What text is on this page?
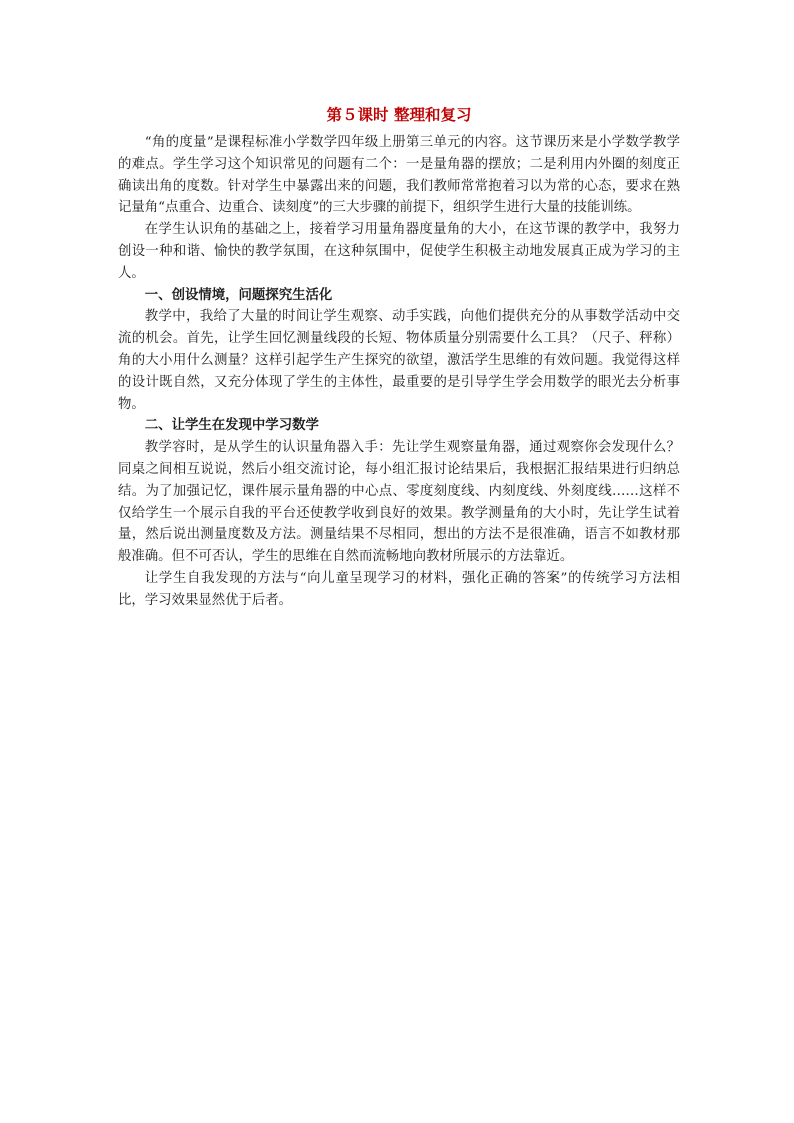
第５课时 整理和复习

“角的度量”是课程标准小学数学四年级上册第三单元的内容。这节课历来是小学数学教学的难点。学生学习这个知识常见的问题有二个：一是量角器的摆放；二是利用内外圈的刻度正确读出角的度数。针对学生中暴露出来的问题，我们教师常常抱着习以为常的心态，要求在熟记量角“点重合、边重合、读刻度”的三大步骤的前提下，组织学生进行大量的技能训练。

在学生认识角的基础之上，接着学习用量角器度量角的大小，在这节课的教学中，我努力创设一种和谐、愉快的教学氛围，在这种氛围中，促使学生积极主动地发展真正成为学习的主人。

一、创设情境，问题探究生活化

教学中，我给了大量的时间让学生观察、动手实践，向他们提供充分的从事数学活动中交流的机会。首先，让学生回忆测量线段的长短、物体质量分别需要什么工具？（尺子、秤称）角的大小用什么测量？这样引起学生产生探究的欲望，激活学生思维的有效问题。我觉得这样的设计既自然，又充分体现了学生的主体性，最重要的是引导学生学会用数学的眼光去分析事物。

二、让学生在发现中学习数学

教学容时，是从学生的认识量角器入手：先让学生观察量角器，通过观察你会发现什么？同桌之间相互说说，然后小组交流讨论，每小组汇报讨论结果后，我根据汇报结果进行归纳总结。为了加强记忆，课件展示量角器的中心点、零度刻度线、内刻度线、外刻度线……这样不仅给学生一个展示自我的平台还使教学收到良好的效果。教学测量角的大小时，先让学生试着量，然后说出测量度数及方法。测量结果不尽相同，想出的方法不是很准确，语言不如教材那般准确。但不可否认，学生的思维在自然而流畅地向教材所展示的方法靠近。

让学生自我发现的方法与“向儿童呈现学习的材料，强化正确的答案”的传统学习方法相比，学习效果显然优于后者。
